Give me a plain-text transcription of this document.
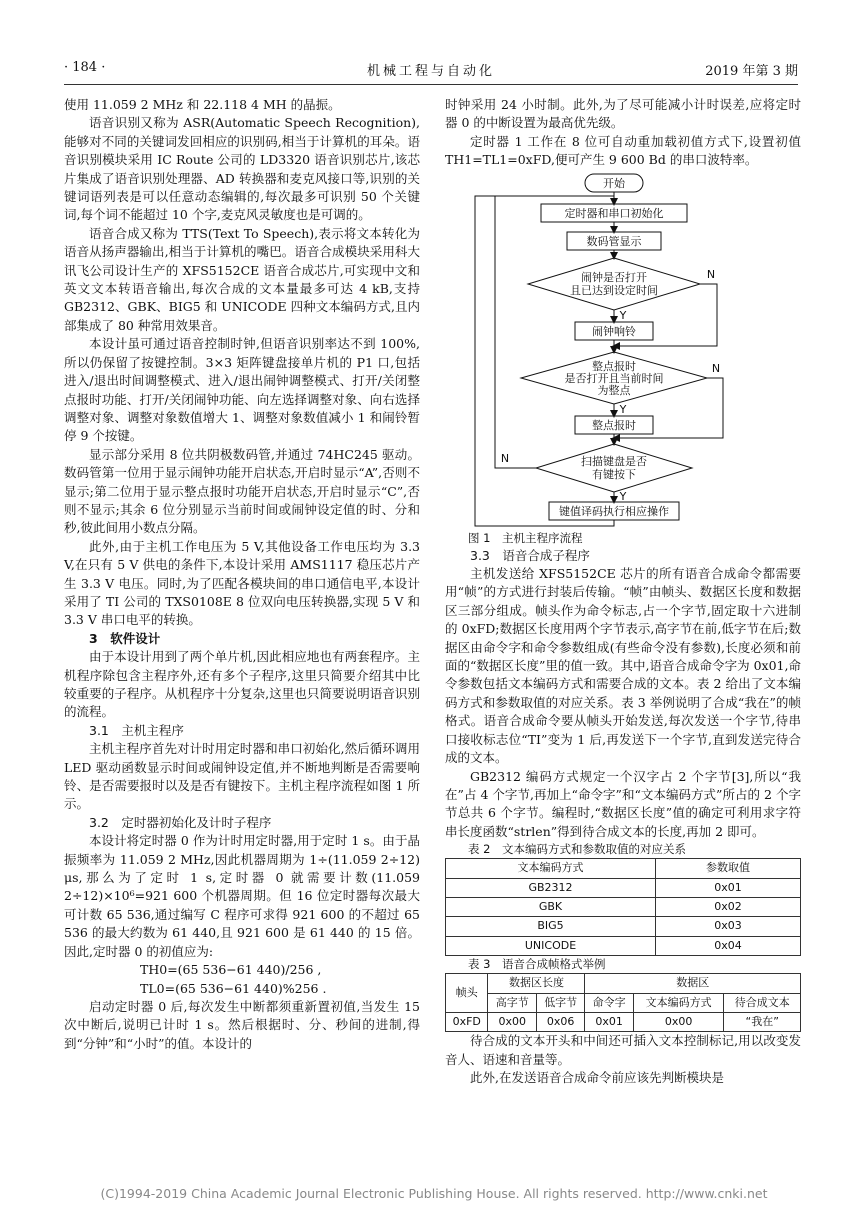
· 184 ·	机械工程与自动化	2019 年第 3 期

使用 11.059 2 MHz 和 22.118 4 MH 的晶振。

语音识别又称为 ASR(Automatic Speech Recognition),能够对不同的关键词发回相应的识别码,相当于计算机的耳朵。语音识别模块采用 IC Route 公司的 LD3320 语音识别芯片,该芯片集成了语音识别处理器、AD 转换器和麦克风接口等,识别的关键词语列表是可以任意动态编辑的,每次最多可识别 50 个关键词,每个词不能超过 10 个字,麦克风灵敏度也是可调的。

语音合成又称为 TTS(Text To Speech),表示将文本转化为语音从扬声器输出,相当于计算机的嘴巴。语音合成模块采用科大讯飞公司设计生产的 XFS5152CE 语音合成芯片,可实现中文和英文文本转语音输出,每次合成的文本量最多可达 4 kB,支持 GB2312、GBK、BIG5 和 UNICODE 四种文本编码方式,且内部集成了 80 种常用效果音。

本设计虽可通过语音控制时钟,但语音识别率达不到 100%,所以仍保留了按键控制。3×3 矩阵键盘接单片机的 P1 口,包括进入/退出时间调整模式、进入/退出闹钟调整模式、打开/关闭整点报时功能、打开/关闭闹钟功能、向左选择调整对象、向右选择调整对象、调整对象数值增大 1、调整对象数值减小 1 和闹铃暂停 9 个按键。

显示部分采用 8 位共阴极数码管,并通过 74HC245 驱动。数码管第一位用于显示闹钟功能开启状态,开启时显示“A”,否则不显示;第二位用于显示整点报时功能开启状态,开启时显示“C”,否则不显示;其余 6 位分别显示当前时间或闹钟设定值的时、分和秒,彼此间用小数点分隔。

此外,由于主机工作电压为 5 V,其他设备工作电压均为 3.3 V,在只有 5 V 供电的条件下,本设计采用 AMS1117 稳压芯片产生 3.3 V 电压。同时,为了匹配各模块间的串口通信电平,本设计采用了 TI 公司的 TXS0108E 8 位双向电压转换器,实现 5 V 和 3.3 V 串口电平的转换。

3　软件设计

由于本设计用到了两个单片机,因此相应地也有两套程序。主机程序除包含主程序外,还有多个子程序,这里只简要介绍其中比较重要的子程序。从机程序十分复杂,这里也只简要说明语音识别的流程。

3.1　主机主程序

主机主程序首先对计时用定时器和串口初始化,然后循环调用 LED 驱动函数显示时间或闹钟设定值,并不断地判断是否需要响铃、是否需要报时以及是否有键按下。主机主程序流程如图 1 所示。

3.2　定时器初始化及计时子程序

本设计将定时器 0 作为计时用定时器,用于定时 1 s。由于晶振频率为 11.059 2 MHz,因此机器周期为 1÷(11.059 2÷12) μs,那么为了定时 1 s,定时器 0 就需要计数(11.059 2÷12)×10⁶=921 600 个机器周期。但 16 位定时器每次最大可计数 65 536,通过编写 C 程序可求得 921 600 的不超过 65 536 的最大约数为 61 440,且 921 600 是 61 440 的 15 倍。因此,定时器 0 的初值应为:

TH0=(65 536−61 440)/256 ,

TL0=(65 536−61 440)%256 .

启动定时器 0 后,每次发生中断都须重新置初值,当发生 15 次中断后,说明已计时 1 s。然后根据时、分、秒间的进制,得到“分钟”和“小时”的值。本设计的

时钟采用 24 小时制。此外,为了尽可能减小计时误差,应将定时器 0 的中断设置为最高优先级。

定时器 1 工作在 8 位可自动重加载初值方式下,设置初值 TH1=TL1=0xFD,便可产生 9 600 Bd 的串口波特率。

开始
定时器和串口初始化
数码管显示
闹钟是否打开
且已达到设定时间
闹钟响铃
整点报时
是否打开且当前时间
为整点
整点报时
扫描键盘是否
有键按下
键值译码执行相应操作
Y
N
Y
N
N
Y

图 1　主机主程序流程

3.3　语音合成子程序

主机发送给 XFS5152CE 芯片的所有语音合成命令都需要用“帧”的方式进行封装后传输。“帧”由帧头、数据区长度和数据区三部分组成。帧头作为命令标志,占一个字节,固定取十六进制的 0xFD;数据区长度用两个字节表示,高字节在前,低字节在后;数据区由命令字和命令参数组成(有些命令没有参数),长度必须和前面的“数据区长度”里的值一致。其中,语音合成命令字为 0x01,命令参数包括文本编码方式和需要合成的文本。表 2 给出了文本编码方式和参数取值的对应关系。表 3 举例说明了合成“我在”的帧格式。语音合成命令要从帧头开始发送,每次发送一个字节,待串口接收标志位“TI”变为 1 后,再发送下一个字节,直到发送完待合成的文本。

GB2312 编码方式规定一个汉字占 2 个字节[3],所以“我在”占 4 个字节,再加上“命令字”和“文本编码方式”所占的 2 个字节总共 6 个字节。编程时,“数据区长度”值的确定可利用求字符串长度函数“strlen”得到待合成文本的长度,再加 2 即可。

表 2　文本编码方式和参数取值的对应关系

文本编码方式	参数取值
GB2312	0x01
GBK	0x02
BIG5	0x03
UNICODE	0x04

表 3　语音合成帧格式举例

帧头	数据区长度		数据区		
	高字节	低字节	命令字	文本编码方式	待合成文本
0xFD	0x00	0x06	0x01	0x00	“我在”

待合成的文本开头和中间还可插入文本控制标记,用以改变发音人、语速和音量等。

此外,在发送语音合成命令前应该先判断模块是

(C)1994-2019 China Academic Journal Electronic Publishing House. All rights reserved. http://www.cnki.net
